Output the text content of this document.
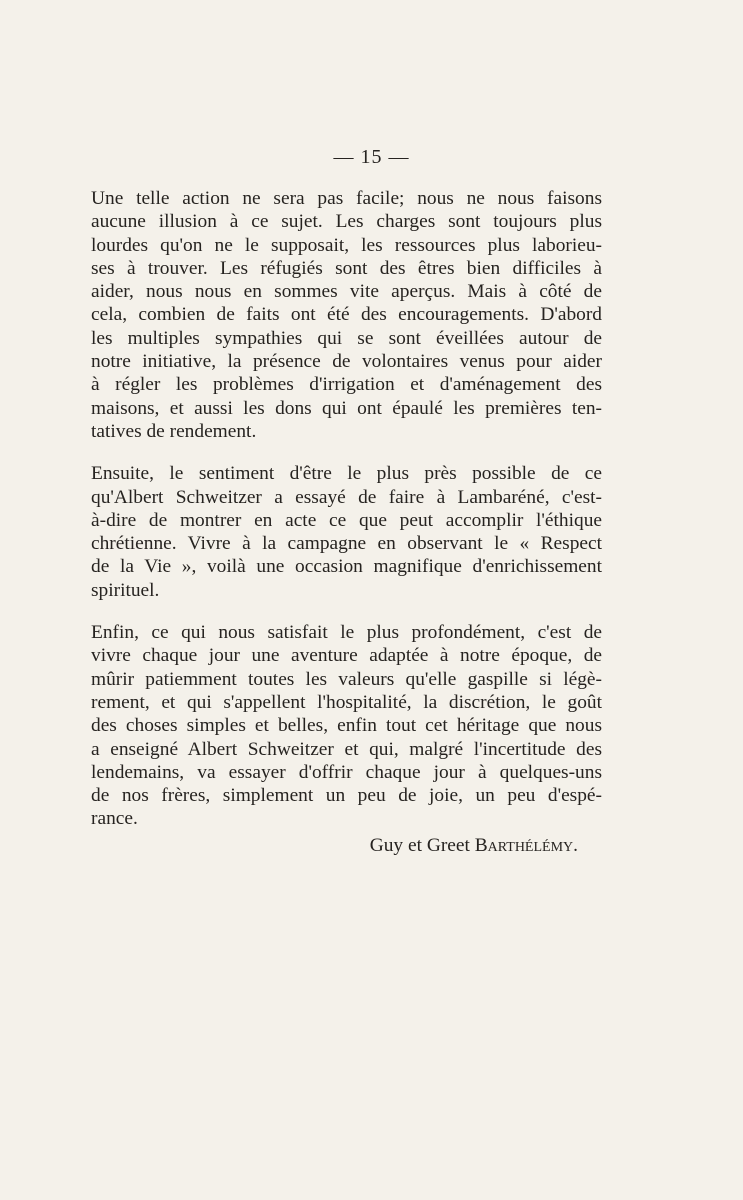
— 15 —
Une telle action ne sera pas facile; nous ne nous faisons
aucune illusion à ce sujet. Les charges sont toujours plus
lourdes qu'on ne le supposait, les ressources plus laborieu-
ses à trouver. Les réfugiés sont des êtres bien difficiles à
aider, nous nous en sommes vite aperçus. Mais à côté de
cela, combien de faits ont été des encouragements. D'abord
les multiples sympathies qui se sont éveillées autour de
notre initiative, la présence de volontaires venus pour aider
à régler les problèmes d'irrigation et d'aménagement des
maisons, et aussi les dons qui ont épaulé les premières ten-
tatives de rendement.
Ensuite, le sentiment d'être le plus près possible de ce
qu'Albert Schweitzer a essayé de faire à Lambaréné, c'est-
à-dire de montrer en acte ce que peut accomplir l'éthique
chrétienne. Vivre à la campagne en observant le « Respect
de la Vie », voilà une occasion magnifique d'enrichissement
spirituel.
Enfin, ce qui nous satisfait le plus profondément, c'est de
vivre chaque jour une aventure adaptée à notre époque, de
mûrir patiemment toutes les valeurs qu'elle gaspille si légè-
rement, et qui s'appellent l'hospitalité, la discrétion, le goût
des choses simples et belles, enfin tout cet héritage que nous
a enseigné Albert Schweitzer et qui, malgré l'incertitude des
lendemains, va essayer d'offrir chaque jour à quelques-uns
de nos frères, simplement un peu de joie, un peu d'espé-
rance.
Guy et Greet Barthélémy.
